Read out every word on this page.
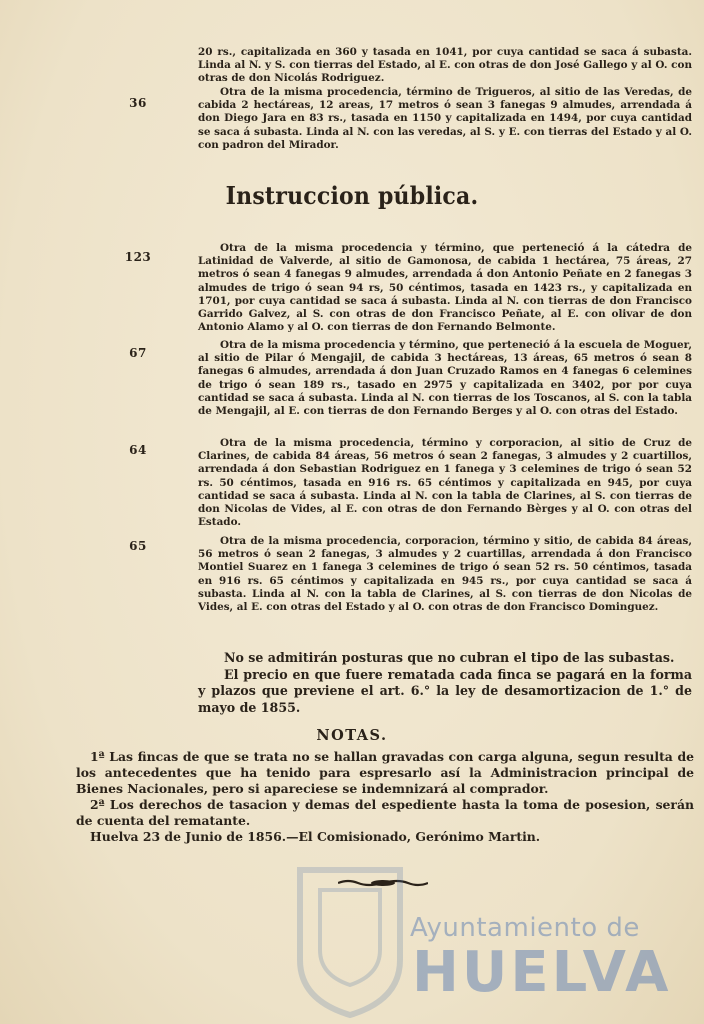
20 rs., capitalizada en 360 y tasada en 1041, por cuya cantidad se saca á subasta. Linda al N. y S. con tierras del Estado, al E. con otras de don José Gallego y al O. con otras de don Nicolás Rodriguez.

36

Otra de la misma procedencia, término de Trigueros, al sitio de las Veredas, de cabida 2 hectáreas, 12 areas, 17 metros ó sean 3 fanegas 9 almudes, arrendada á don Diego Jara en 83 rs., tasada en 1150 y capitalizada en 1494, por cuya cantidad se saca á subasta. Linda al N. con las veredas, al S. y E. con tierras del Estado y al O. con padron del Mirador.

Instruccion pública.
123

Otra de la misma procedencia y término, que perteneció á la cátedra de Latinidad de Valverde, al sitio de Gamonosa, de cabida 1 hectárea, 75 áreas, 27 metros ó sean 4 fanegas 9 almudes, arrendada á don Antonio Peñate en 2 fanegas 3 almudes de trigo ó sean 94 rs, 50 céntimos, tasada en 1423 rs., y capitalizada en 1701, por cuya cantidad se saca á subasta. Linda al N. con tierras de don Francisco Garrido Galvez, al S. con otras de don Francisco Peñate, al E. con olivar de don Antonio Alamo y al O. con tierras de don Fernando Belmonte.

67

Otra de la misma procedencia y término, que perteneció á la escuela de Moguer, al sitio de Pilar ó Mengajil, de cabida 3 hectáreas, 13 áreas, 65 metros ó sean 8 fanegas 6 almudes, arrendada á don Juan Cruzado Ramos en 4 fanegas 6 celemines de trigo ó sean 189 rs., tasado en 2975 y capitalizada en 3402, por por cuya cantidad se saca á subasta. Linda al N. con tierras de los Toscanos, al S. con la tabla de Mengajil, al E. con tierras de don Fernando Berges y al O. con otras del Estado.

64	Otra de la misma procedencia, término y corporacion, al sitio de Cruz de Clarines, de cabida 84 áreas, 56 metros ó sean 2 fanegas, 3 almudes y 2 cuartillos, arrendada á don Sebastian Rodriguez en 1 fanega y 3 celemines de trigo ó sean 52 rs. 50 céntimos, tasada en 916 rs. 65 céntimos y capitalizada en 945, por cuya cantidad se saca á subasta. Linda al N. con la tabla de Clarines, al S. con tierras de don Nicolas de Vides, al E. con otras de don Fernando Bèrges y al O. con otras del Estado.

65	Otra de la misma procedencia, corporacion, término y sitio, de cabida 84 áreas, 56 metros ó sean 2 fanegas, 3 almudes y 2 cuartillas, arrendada á don Francisco Montiel Suarez en 1 fanega 3 celemines de trigo ó sean 52 rs. 50 céntimos, tasada en 916 rs. 65 céntimos y capitalizada en 945 rs., por cuya cantidad se saca á subasta. Linda al N. con la tabla de Clarines, al S. con tierras de don Nicolas de Vides, al E. con otras del Estado y al O. con otras de don Francisco Dominguez.

No se admitirán posturas que no cubran el tipo de las subastas.

El precio en que fuere rematada cada finca se pagará en la forma y plazos que previene el art. 6.° la ley de desamortizacion de 1.° de mayo de 1855.

NOTAS.

1ª Las fincas de que se trata no se hallan gravadas con carga alguna, segun resulta de los antecedentes que ha tenido para espresarlo así la Administracion principal de Bienes Nacionales, pero si apareciese se indemnizará al comprador.

2ª Los derechos de tasacion y demas del espediente hasta la toma de posesion, serán de cuenta del rematante.

Huelva 23 de Junio de 1856.—El Comisionado, Gerónimo Martin.

Ayuntamiento de
HUELVA
